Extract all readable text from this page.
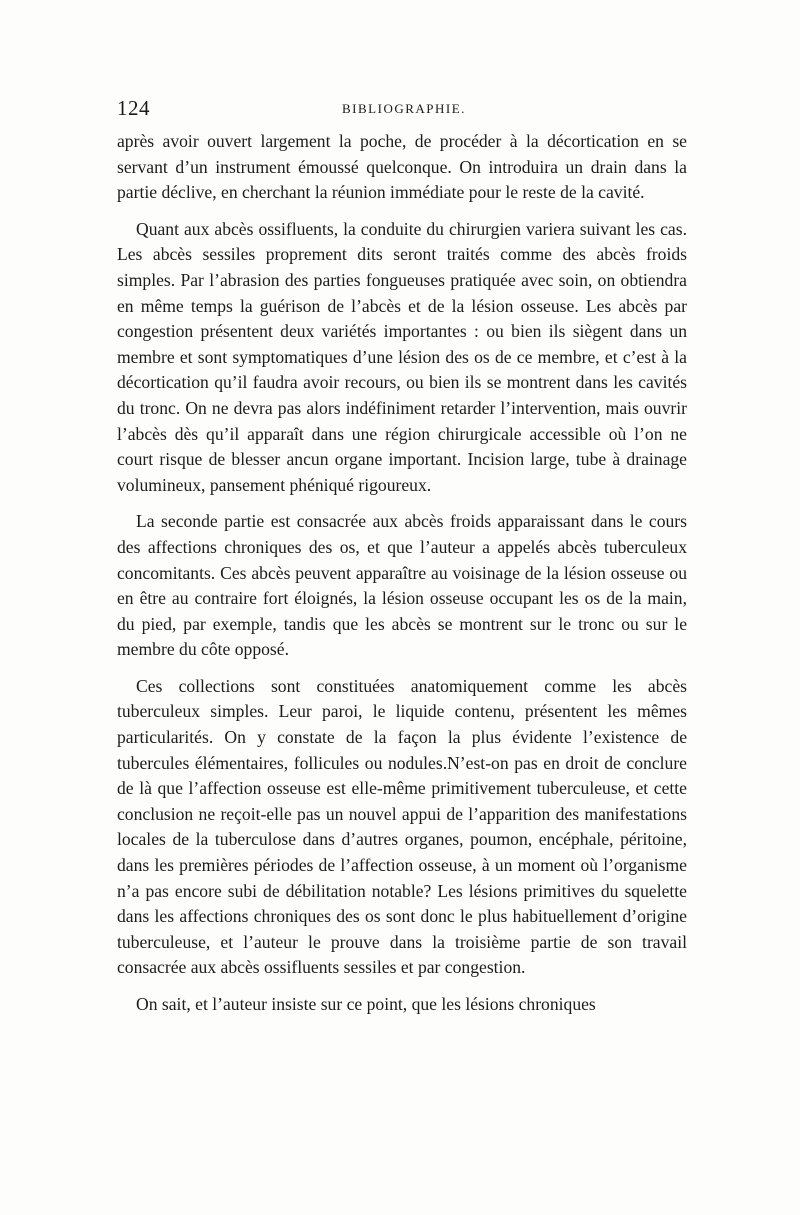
124	BIBLIOGRAPHIE.

après avoir ouvert largement la poche, de procéder à la décortication en se servant d’un instrument émoussé quelconque. On introduira un drain dans la partie déclive, en cherchant la réunion immédiate pour le reste de la cavité.

Quant aux abcès ossifluents, la conduite du chirurgien variera suivant les cas. Les abcès sessiles proprement dits seront traités comme des abcès froids simples. Par l’abrasion des parties fongueuses pratiquée avec soin, on obtiendra en même temps la guérison de l’abcès et de la lésion osseuse. Les abcès par congestion présentent deux variétés importantes : ou bien ils siègent dans un membre et sont symptomatiques d’une lésion des os de ce membre, et c’est à la décortication qu’il faudra avoir recours, ou bien ils se montrent dans les cavités du tronc. On ne devra pas alors indéfiniment retarder l’intervention, mais ouvrir l’abcès dès qu’il apparaît dans une région chirurgicale accessible où l’on ne court risque de blesser ancun organe important. Incision large, tube à drainage volumineux, pansement phéniqué rigoureux.

La seconde partie est consacrée aux abcès froids apparaissant dans le cours des affections chroniques des os, et que l’auteur a appelés abcès tuberculeux concomitants. Ces abcès peuvent apparaître au voisinage de la lésion osseuse ou en être au contraire fort éloignés, la lésion osseuse occupant les os de la main, du pied, par exemple, tandis que les abcès se montrent sur le tronc ou sur le membre du côte opposé.

Ces collections sont constituées anatomiquement comme les abcès tuberculeux simples. Leur paroi, le liquide contenu, présentent les mêmes particularités. On y constate de la façon la plus évidente l’existence de tubercules élémentaires, follicules ou nodules.N’est-on pas en droit de conclure de là que l’affection osseuse est elle-même primitivement tuberculeuse, et cette conclusion ne reçoit-elle pas un nouvel appui de l’apparition des manifestations locales de la tuberculose dans d’autres organes, poumon, encéphale, péritoine, dans les premières périodes de l’affection osseuse, à un moment où l’organisme n’a pas encore subi de débilitation notable? Les lésions primitives du squelette dans les affections chroniques des os sont donc le plus habituellement d’origine tuberculeuse, et l’auteur le prouve dans la troisième partie de son travail consacrée aux abcès ossifluents sessiles et par congestion.

On sait, et l’auteur insiste sur ce point, que les lésions chroniques
